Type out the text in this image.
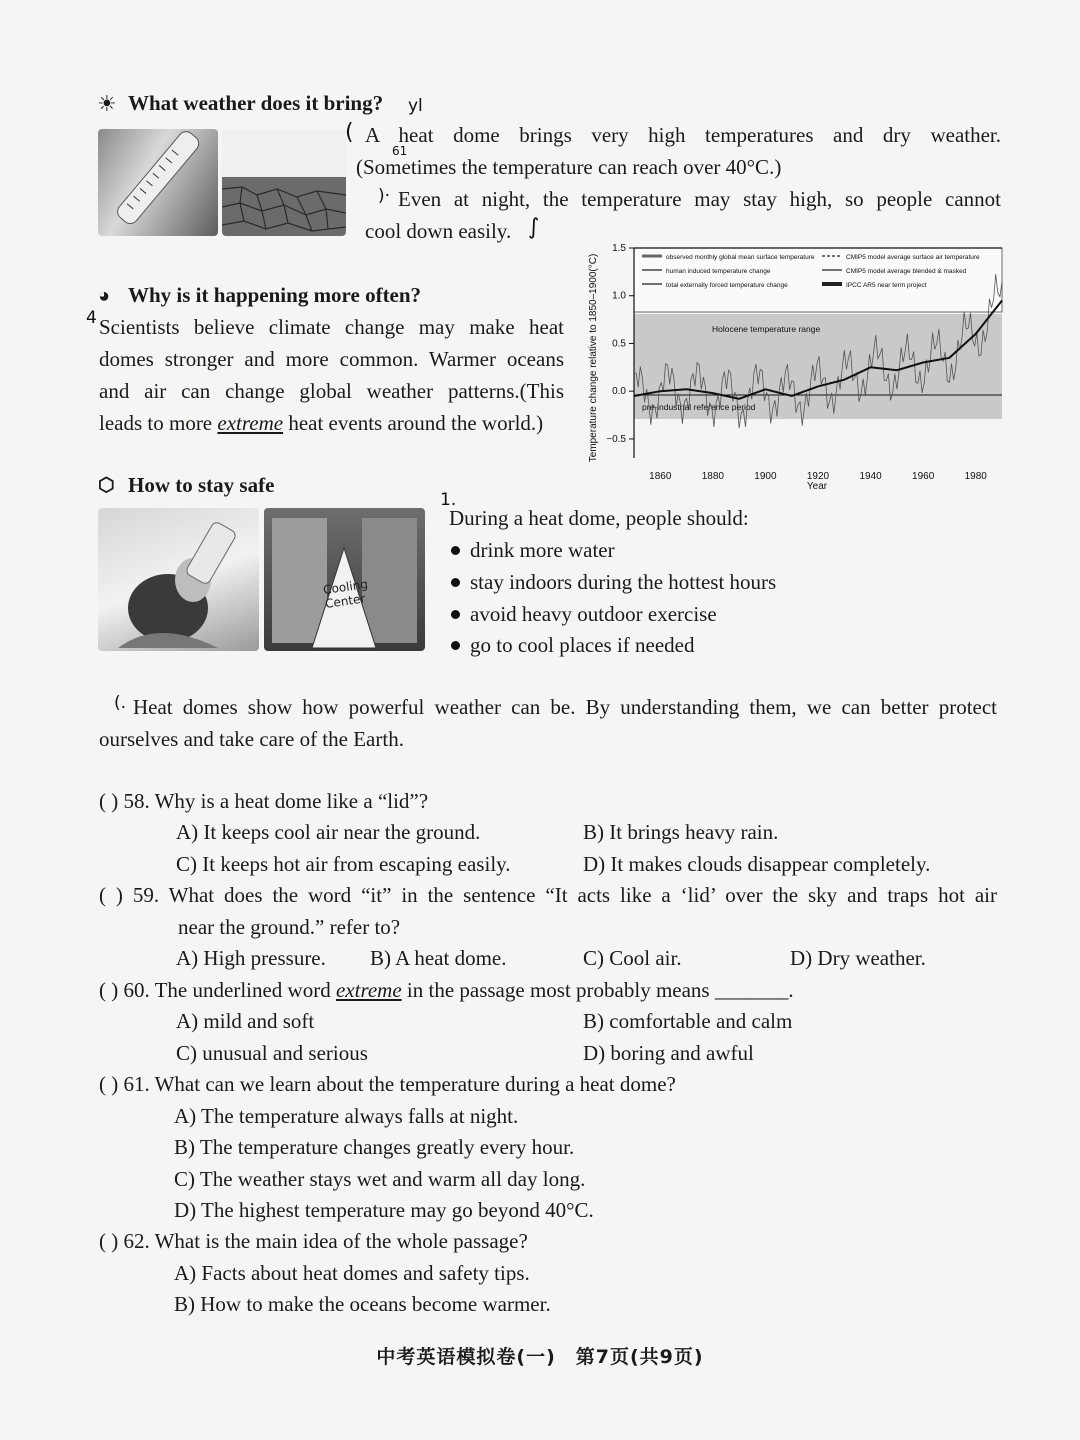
☀ What weather does it bring? yl
( A heat dome brings very high temperatures and dry weather.
61
(Sometimes the temperature can reach over 40°C.)
)· Even at night, the temperature may stay high, so people cannot
cool down easily. ∫
◕ Why is it happening more often?
4 Scientists believe climate change may make heat
domes stronger and more common. Warmer oceans
and air can change global weather patterns.(This
leads to more extreme heat events around the world.)
1.5
1.0
0.5
0.0
−0.5
1860	1880	1900	1920	1940	1960	1980
observed monthly global mean surface temperature
human induced temperature change
total externally forced temperature change
CMIP5 model average surface air temperature
CMIP5 model average blended & masked
IPCC AR5 near term project
Holocene temperature range
pre-industrial reference period
Year
Temperature change relative to 1850–1900(°C)
⬡ How to stay safe
Cooling Center
1.
During a heat dome, people should:
drink more water
stay indoors during the hottest hours
avoid heavy outdoor exercise
go to cool places if needed
(. Heat domes show how powerful weather can be. By understanding them, we can better protect
ourselves and take care of the Earth.
( ) 58. Why is a heat dome like a “lid”?
A) It keeps cool air near the ground.	B) It brings heavy rain.
C) It keeps hot air from escaping easily.	D) It makes clouds disappear completely.
( ) 59. What does the word “it” in the sentence “It acts like a ‘lid’ over the sky and traps hot air
near the ground.” refer to?
A) High pressure. B) A heat dome.	C) Cool air.	D) Dry weather.
( ) 60. The underlined word extreme in the passage most probably means _______.
A) mild and soft	B) comfortable and calm
C) unusual and serious	D) boring and awful
( ) 61. What can we learn about the temperature during a heat dome?
A) The temperature always falls at night.
B) The temperature changes greatly every hour.
C) The weather stays wet and warm all day long.
D) The highest temperature may go beyond 40°C.
( ) 62. What is the main idea of the whole passage?
A) Facts about heat domes and safety tips.
B) How to make the oceans become warmer.
中考英语模拟卷(一)　第7页(共9页)
